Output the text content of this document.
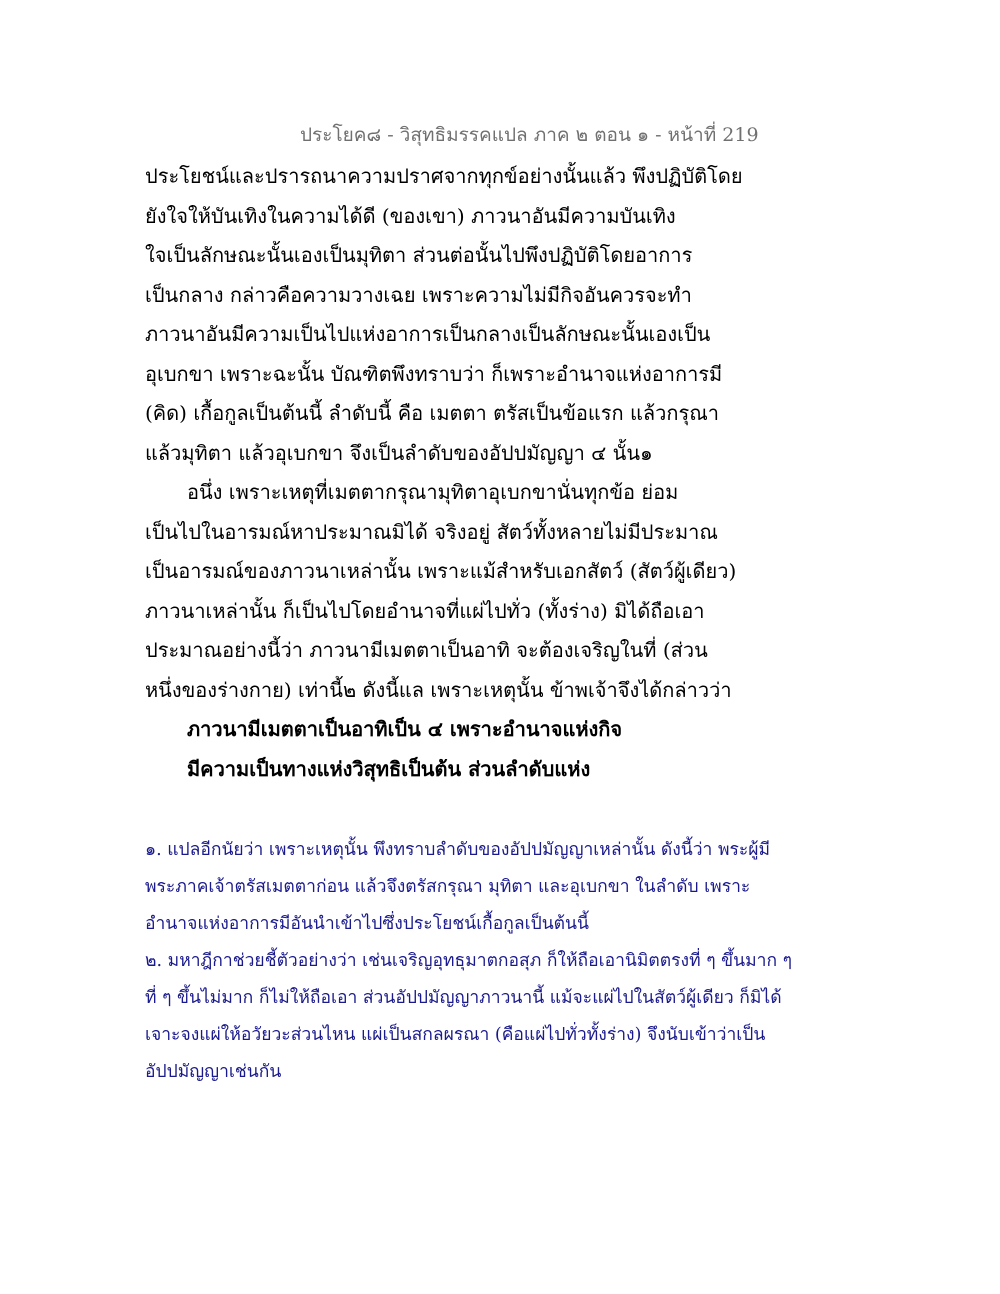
ประโยค๘ - วิสุทธิมรรคแปล ภาค ๒ ตอน ๑ - หน้าที่ 219
ประโยชน์และปรารถนาความปราศจากทุกข์อย่างนั้นแล้ว พึงปฏิบัติโดย
ยังใจให้บันเทิงในความได้ดี (ของเขา) ภาวนาอันมีความบันเทิง
ใจเป็นลักษณะนั้นเองเป็นมุทิตา ส่วนต่อนั้นไปพึงปฏิบัติโดยอาการ
เป็นกลาง กล่าวคือความวางเฉย เพราะความไม่มีกิจอันควรจะทำ
ภาวนาอันมีความเป็นไปแห่งอาการเป็นกลางเป็นลักษณะนั้นเองเป็น
อุเบกขา เพราะฉะนั้น บัณฑิตพึงทราบว่า ก็เพราะอำนาจแห่งอาการมี
(คิด) เกื้อกูลเป็นต้นนี้ ลำดับนี้ คือ เมตตา ตรัสเป็นข้อแรก แล้วกรุณา
แล้วมุทิตา แล้วอุเบกขา จึงเป็นลำดับของอัปปมัญญา ๔ นั้น๑
อนึ่ง เพราะเหตุที่เมตตากรุณามุทิตาอุเบกขานั่นทุกข้อ ย่อม
เป็นไปในอารมณ์หาประมาณมิได้ จริงอยู่ สัตว์ทั้งหลายไม่มีประมาณ
เป็นอารมณ์ของภาวนาเหล่านั้น เพราะแม้สำหรับเอกสัตว์ (สัตว์ผู้เดียว)
ภาวนาเหล่านั้น ก็เป็นไปโดยอำนาจที่แผ่ไปทั่ว (ทั้งร่าง) มิได้ถือเอา
ประมาณอย่างนี้ว่า ภาวนามีเมตตาเป็นอาทิ จะต้องเจริญในที่ (ส่วน
หนึ่งของร่างกาย) เท่านี้๒ ดังนี้แล เพราะเหตุนั้น ข้าพเจ้าจึงได้กล่าวว่า
ภาวนามีเมตตาเป็นอาทิเป็น ๔ เพราะอำนาจแห่งกิจ
มีความเป็นทางแห่งวิสุทธิเป็นต้น ส่วนลำดับแห่ง
๑. แปลอีกนัยว่า เพราะเหตุนั้น พึงทราบลำดับของอัปปมัญญาเหล่านั้น ดังนี้ว่า พระผู้มี
พระภาคเจ้าตรัสเมตตาก่อน แล้วจึงตรัสกรุณา มุทิตา และอุเบกขา ในลำดับ เพราะ
อำนาจแห่งอาการมีอันนำเข้าไปซึ่งประโยชน์เกื้อกูลเป็นต้นนี้
๒. มหาฎีกาช่วยชี้ตัวอย่างว่า เช่นเจริญอุทธุมาตกอสุภ ก็ให้ถือเอานิมิตตรงที่ ๆ ขึ้นมาก ๆ
ที่ ๆ ขึ้นไม่มาก ก็ไม่ให้ถือเอา ส่วนอัปปมัญญาภาวนานี้ แม้จะแผ่ไปในสัตว์ผู้เดียว ก็มิได้
เจาะจงแผ่ให้อวัยวะส่วนไหน แผ่เป็นสกลผรณา (คือแผ่ไปทั่วทั้งร่าง) จึงนับเข้าว่าเป็น
อัปปมัญญาเช่นกัน
